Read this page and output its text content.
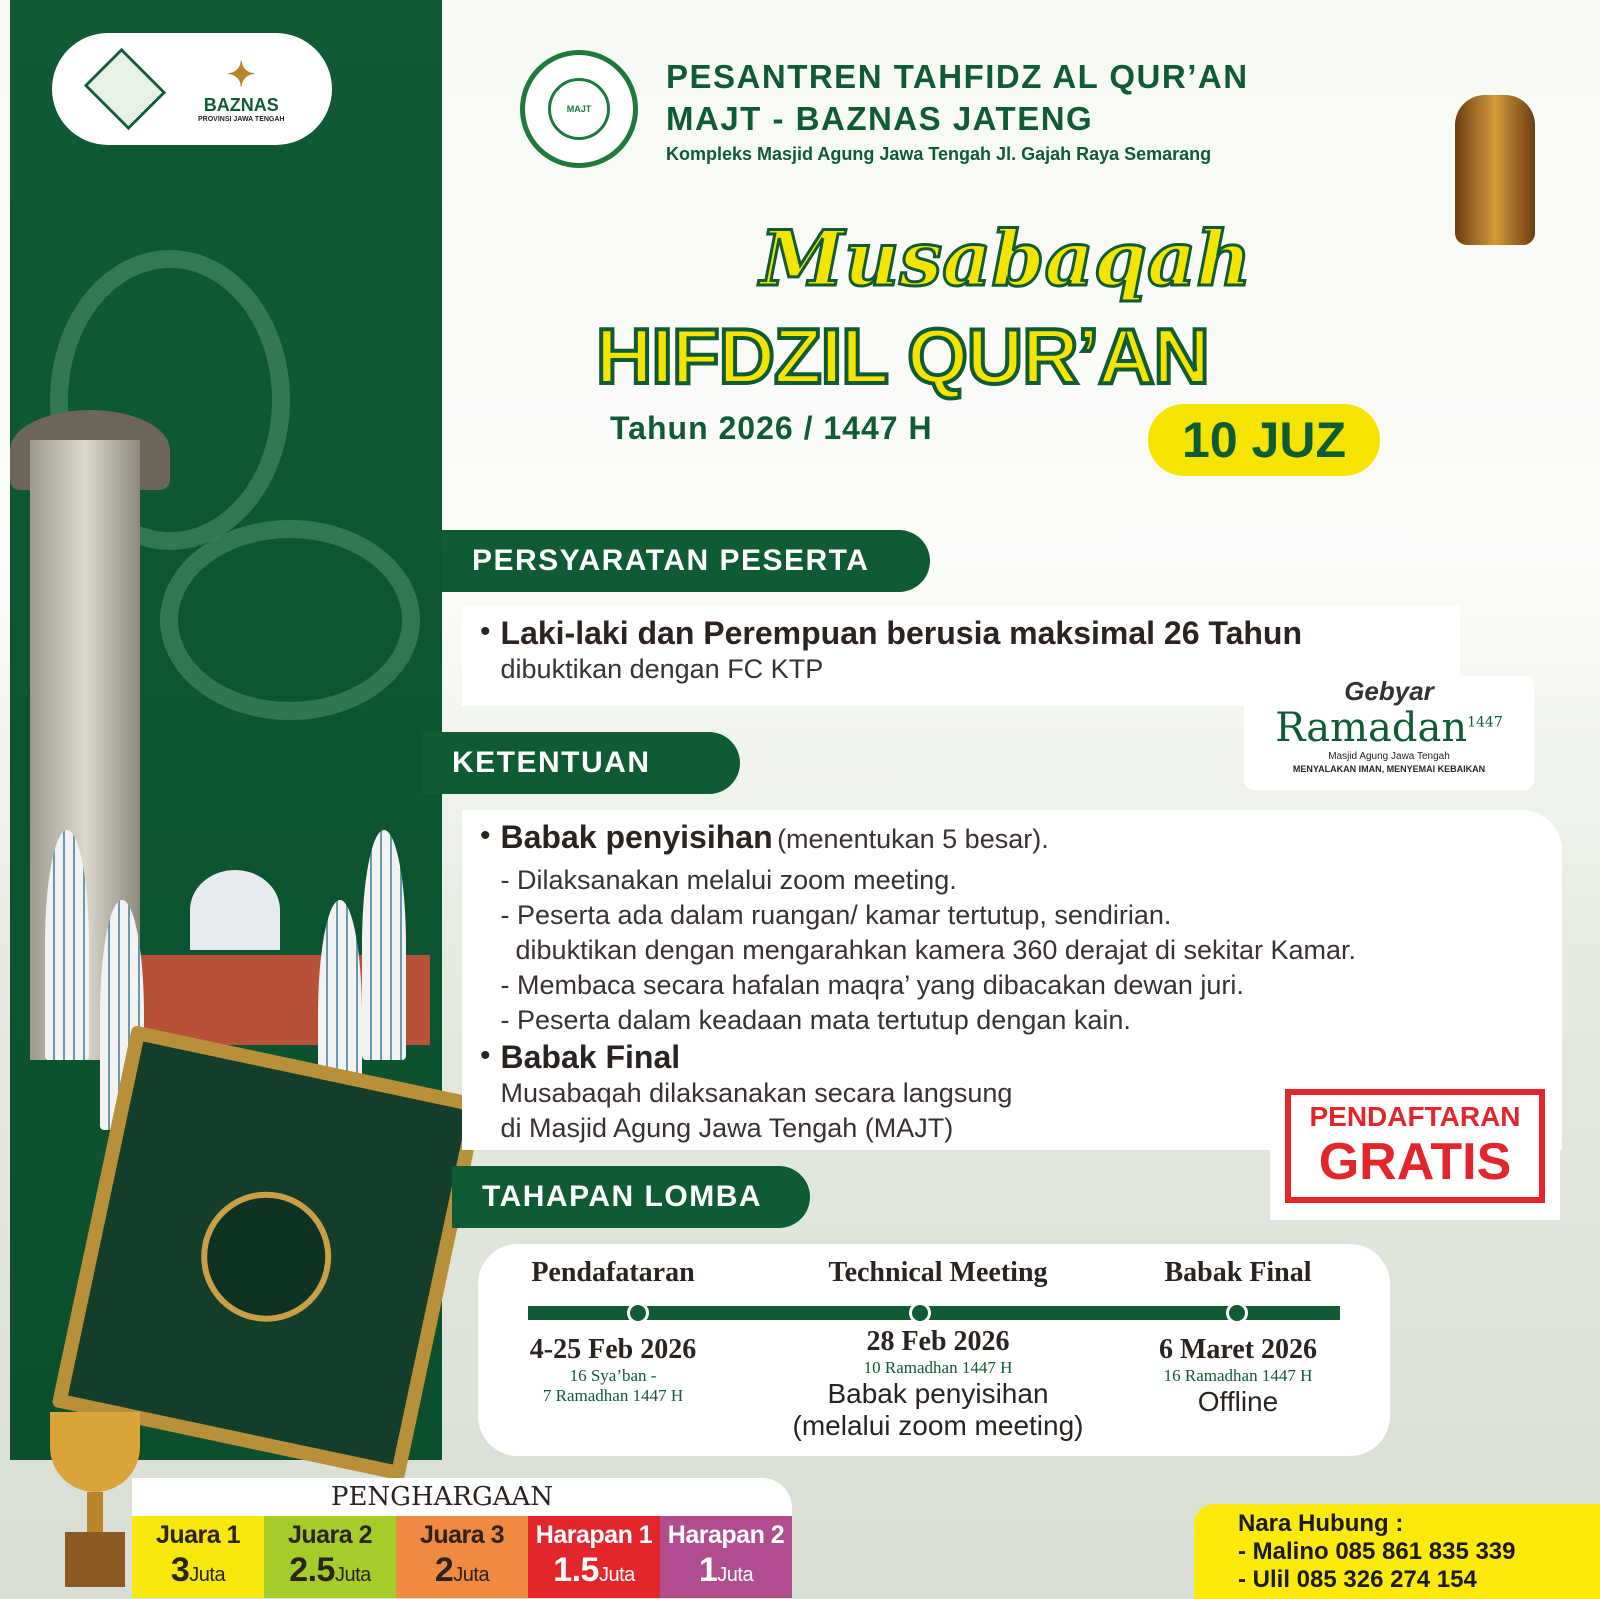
✦
BAZNAS
PROVINSI JAWA TENGAH
MAJT
PESANTREN TAHFIDZ AL QUR’AN
MAJT - BAZNAS JATENG
Kompleks Masjid Agung Jawa Tengah Jl. Gajah Raya Semarang
Musabaqah
HIFDZIL QUR’AN
Tahun 2026 / 1447 H	10 JUZ
PERSYARATAN PESERTA
• Laki-laki dan Perempuan berusia maksimal 26 Tahun
dibuktikan dengan FC KTP
Gebyar
Ramadan$^{1447}$
Masjid Agung Jawa Tengah
MENYALAKAN IMAN, MENYEMAI KEBAIKAN
KETENTUAN
• Babak penyisihan (menentukan 5 besar).
- Dilaksanakan melalui zoom meeting.
- Peserta ada dalam ruangan/ kamar tertutup, sendirian.
dibuktikan dengan mengarahkan kamera 360 derajat di sekitar Kamar.
- Membaca secara hafalan maqra’ yang dibacakan dewan juri.
- Peserta dalam keadaan mata tertutup dengan kain.
• Babak Final
Musabaqah dilaksanakan secara langsung
di Masjid Agung Jawa Tengah (MAJT)	PENDAFTARAN
GRATIS
TAHAPAN LOMBA
Pendafataran
4-25 Feb 2026
16 Sya’ban -
7 Ramadhan 1447 H
Technical Meeting
28 Feb 2026
10 Ramadhan 1447 H
Babak penyisihan
(melalui zoom meeting)
Babak Final
6 Maret 2026
16 Ramadhan 1447 H
Offline
PENGHARGAAN
Juara 1
3Juta
Juara 2
2.5Juta
Juara 3
2Juta
Harapan 1
1.5Juta
Harapan 2
1Juta
Nara Hubung :
- Malino 085 861 835 339
- Ulil 085 326 274 154
